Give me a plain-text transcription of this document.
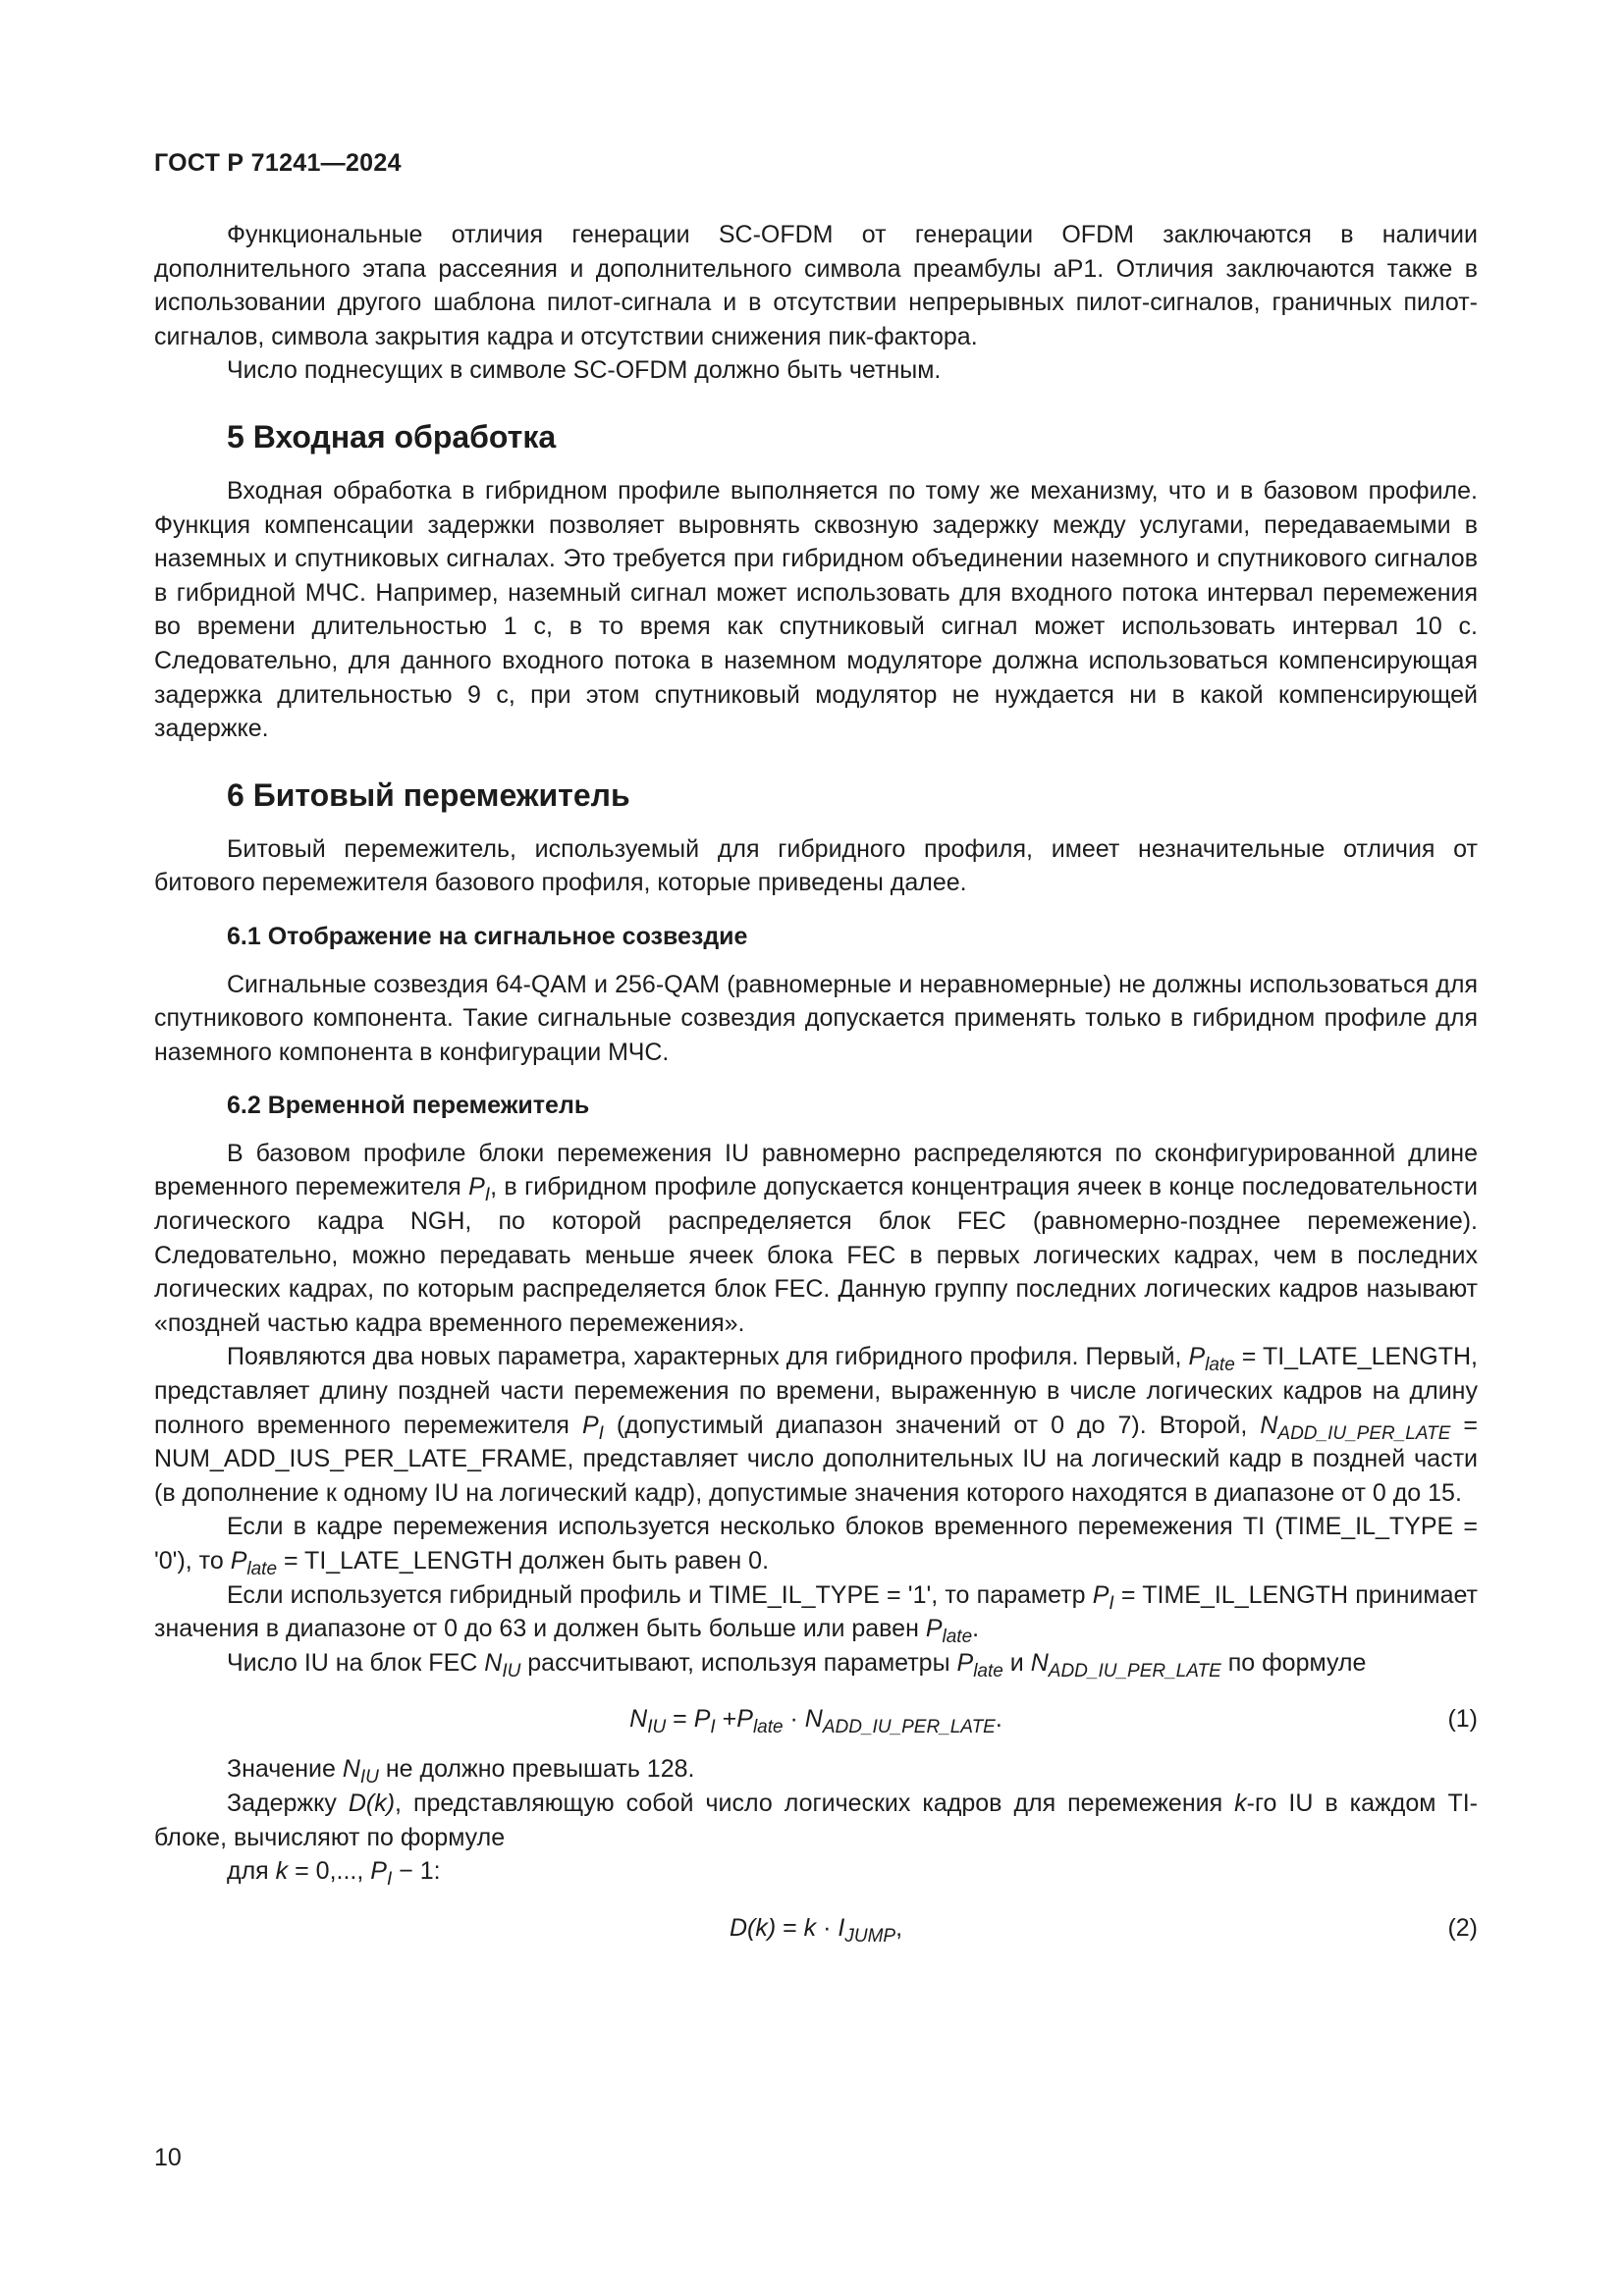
ГОСТ Р 71241—2024

Функциональные отличия генерации SC-OFDM от генерации OFDM заключаются в наличии дополнительного этапа рассеяния и дополнительного символа преамбулы aP1. Отличия заключаются также в использовании другого шаблона пилот-сигнала и в отсутствии непрерывных пилот-сигналов, граничных пилот-сигналов, символа закрытия кадра и отсутствии снижения пик-фактора.

Число поднесущих в символе SC-OFDM должно быть четным.

5 Входная обработка

Входная обработка в гибридном профиле выполняется по тому же механизму, что и в базовом профиле. Функция компенсации задержки позволяет выровнять сквозную задержку между услугами, передаваемыми в наземных и спутниковых сигналах. Это требуется при гибридном объединении наземного и спутникового сигналов в гибридной МЧС. Например, наземный сигнал может использовать для входного потока интервал перемежения во времени длительностью 1 с, в то время как спутниковый сигнал может использовать интервал 10 с. Следовательно, для данного входного потока в наземном модуляторе должна использоваться компенсирующая задержка длительностью 9 с, при этом спутниковый модулятор не нуждается ни в какой компенсирующей задержке.

6 Битовый перемежитель

Битовый перемежитель, используемый для гибридного профиля, имеет незначительные отличия от битового перемежителя базового профиля, которые приведены далее.

6.1 Отображение на сигнальное созвездие

Сигнальные созвездия 64-QAM и 256-QAM (равномерные и неравномерные) не должны использоваться для спутникового компонента. Такие сигнальные созвездия допускается применять только в гибридном профиле для наземного компонента в конфигурации МЧС.

6.2 Временной перемежитель

В базовом профиле блоки перемежения IU равномерно распределяются по сконфигурированной длине временного перемежителя $P_I$, в гибридном профиле допускается концентрация ячеек в конце последовательности логического кадра NGH, по которой распределяется блок FEC (равномерно-позднее перемежение). Следовательно, можно передавать меньше ячеек блока FEC в первых логических кадрах, чем в последних логических кадрах, по которым распределяется блок FEC. Данную группу последних логических кадров называют «поздней частью кадра временного перемежения».

Появляются два новых параметра, характерных для гибридного профиля. Первый, $P_{late}$ = TI_LATE_LENGTH, представляет длину поздней части перемежения по времени, выраженную в числе логических кадров на длину полного временного перемежителя $P_I$ (допустимый диапазон значений от 0 до 7). Второй, $N_{ADD\_IU\_PER\_LATE}$ = NUM_ADD_IUS_PER_LATE_FRAME, представляет число дополнительных IU на логический кадр в поздней части (в дополнение к одному IU на логический кадр), допустимые значения которого находятся в диапазоне от 0 до 15.

Если в кадре перемежения используется несколько блоков временного перемежения TI (TIME_IL_TYPE = '0'), то $P_{late}$ = TI_LATE_LENGTH должен быть равен 0.

Если используется гибридный профиль и TIME_IL_TYPE = '1', то параметр $P_I$ = TIME_IL_LENGTH принимает значения в диапазоне от 0 до 63 и должен быть больше или равен $P_{late}$.

Число IU на блок FEC $N_{IU}$ рассчитывают, используя параметры $P_{late}$ и $N_{ADD\_IU\_PER\_LATE}$ по формуле

$N_{IU} = P_I +P_{late} \cdot N_{ADD\_IU\_PER\_LATE}$.	(1)

Значение $N_{IU}$ не должно превышать 128.

Задержку D(k), представляющую собой число логических кадров для перемежения k-го IU в каждом TI-блоке, вычисляют по формуле

для k = 0,..., $P_I - 1$:

$D(k) = k \cdot I_{JUMP}$,	(2)
10
